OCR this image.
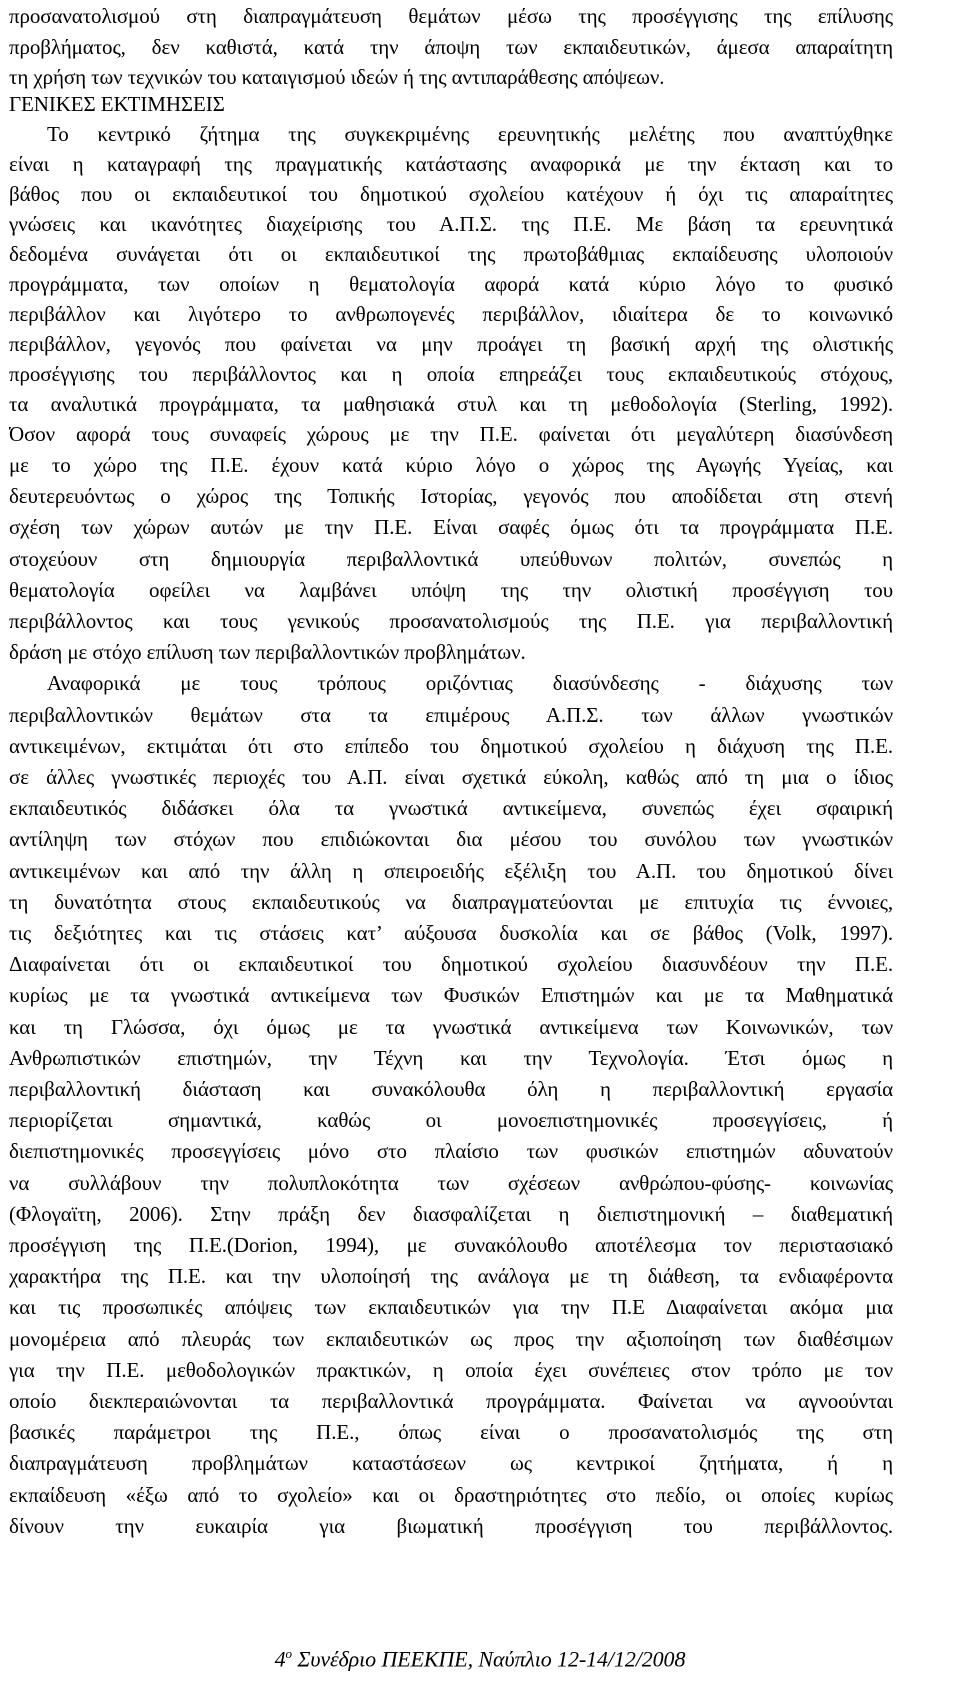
προσανατολισμού στη διαπραγμάτευση θεμάτων μέσω της προσέγγισης της επίλυσης
προβλήματος, δεν καθιστά, κατά την άποψη των εκπαιδευτικών, άμεσα απαραίτητη
τη χρήση των τεχνικών του καταιγισμού ιδεών ή της αντιπαράθεσης απόψεων.
ΓΕΝΙΚΕΣ ΕΚΤΙΜΗΣΕΙΣ
Το κεντρικό ζήτημα της συγκεκριμένης ερευνητικής μελέτης που αναπτύχθηκε
είναι η καταγραφή της πραγματικής κατάστασης αναφορικά με την έκταση και το
βάθος που οι εκπαιδευτικοί του δημοτικού σχολείου κατέχουν ή όχι τις απαραίτητες
γνώσεις και ικανότητες διαχείρισης του Α.Π.Σ. της Π.Ε. Με βάση τα ερευνητικά
δεδομένα συνάγεται ότι οι εκπαιδευτικοί της πρωτοβάθμιας εκπαίδευσης υλοποιούν
προγράμματα, των οποίων η θεματολογία αφορά κατά κύριο λόγο το φυσικό
περιβάλλον και λιγότερο το ανθρωπογενές περιβάλλον, ιδιαίτερα δε το κοινωνικό
περιβάλλον, γεγονός που φαίνεται να μην προάγει τη βασική αρχή της ολιστικής
προσέγγισης του περιβάλλοντος και η οποία επηρεάζει τους εκπαιδευτικούς στόχους,
τα αναλυτικά προγράμματα, τα μαθησιακά στυλ και τη μεθοδολογία (Sterling, 1992).
Όσον αφορά τους συναφείς χώρους με την Π.Ε. φαίνεται ότι μεγαλύτερη διασύνδεση
με το χώρο της Π.Ε. έχουν κατά κύριο λόγο ο χώρος της Αγωγής Υγείας, και
δευτερευόντως ο χώρος της Τοπικής Ιστορίας, γεγονός που αποδίδεται στη στενή
σχέση των χώρων αυτών με την Π.Ε. Είναι σαφές όμως ότι τα προγράμματα Π.Ε.
στοχεύουν στη δημιουργία περιβαλλοντικά υπεύθυνων πολιτών, συνεπώς η
θεματολογία οφείλει να λαμβάνει υπόψη της την ολιστική προσέγγιση του
περιβάλλοντος και τους γενικούς προσανατολισμούς της Π.Ε. για περιβαλλοντική
δράση με στόχο επίλυση των περιβαλλοντικών προβλημάτων.
Αναφορικά με τους τρόπους οριζόντιας διασύνδεσης - διάχυσης των
περιβαλλοντικών θεμάτων στα τα επιμέρους Α.Π.Σ. των άλλων γνωστικών
αντικειμένων, εκτιμάται ότι στο επίπεδο του δημοτικού σχολείου η διάχυση της Π.Ε.
σε άλλες γνωστικές περιοχές του Α.Π. είναι σχετικά εύκολη, καθώς από τη μια ο ίδιος
εκπαιδευτικός διδάσκει όλα τα γνωστικά αντικείμενα, συνεπώς έχει σφαιρική
αντίληψη των στόχων που επιδιώκονται δια μέσου του συνόλου των γνωστικών
αντικειμένων και από την άλλη η σπειροειδής εξέλιξη του Α.Π. του δημοτικού δίνει
τη δυνατότητα στους εκπαιδευτικούς να διαπραγματεύονται με επιτυχία τις έννοιες,
τις δεξιότητες και τις στάσεις κατ’ αύξουσα δυσκολία και σε βάθος (Volk, 1997).
Διαφαίνεται ότι οι εκπαιδευτικοί του δημοτικού σχολείου διασυνδέουν την Π.Ε.
κυρίως με τα γνωστικά αντικείμενα των Φυσικών Επιστημών και με τα Μαθηματικά
και τη Γλώσσα, όχι όμως με τα γνωστικά αντικείμενα των Κοινωνικών, των
Ανθρωπιστικών επιστημών, την Τέχνη και την Τεχνολογία. Έτσι όμως η
περιβαλλοντική διάσταση και συνακόλουθα όλη η περιβαλλοντική εργασία
περιορίζεται σημαντικά, καθώς οι μονοεπιστημονικές προσεγγίσεις, ή
διεπιστημονικές προσεγγίσεις μόνο στο πλαίσιο των φυσικών επιστημών αδυνατούν
να συλλάβουν την πολυπλοκότητα των σχέσεων ανθρώπου-φύσης- κοινωνίας
(Φλογαϊτη, 2006). Στην πράξη δεν διασφαλίζεται η διεπιστημονική – διαθεματική
προσέγγιση της Π.Ε.(Dorion, 1994), με συνακόλουθο αποτέλεσμα τον περιστασιακό
χαρακτήρα της Π.Ε. και την υλοποίησή της ανάλογα με τη διάθεση, τα ενδιαφέροντα
και τις προσωπικές απόψεις των εκπαιδευτικών για την Π.Ε Διαφαίνεται ακόμα μια
μονομέρεια από πλευράς των εκπαιδευτικών ως προς την αξιοποίηση των διαθέσιμων
για την Π.Ε. μεθοδολογικών πρακτικών, η οποία έχει συνέπειες στον τρόπο με τον
οποίο διεκπεραιώνονται τα περιβαλλοντικά προγράμματα. Φαίνεται να αγνοούνται
βασικές παράμετροι της Π.Ε., όπως είναι ο προσανατολισμός της στη
διαπραγμάτευση προβλημάτων καταστάσεων ως κεντρικοί ζητήματα, ή η
εκπαίδευση «έξω από το σχολείο» και οι δραστηριότητες στο πεδίο, οι οποίες κυρίως
δίνουν την ευκαιρία για βιωματική προσέγγιση του περιβάλλοντος.
$4^o$ Συνέδριο ΠΕΕΚΠΕ, Ναύπλιο 12-14/12/2008
